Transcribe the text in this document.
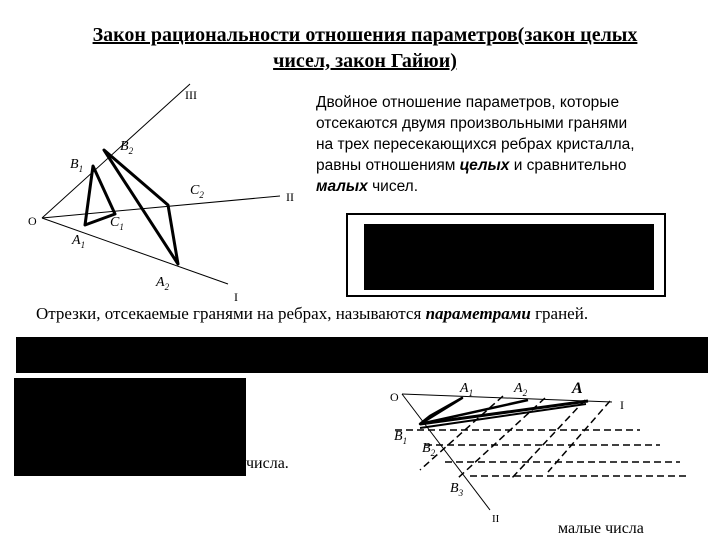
Закон рациональности отношения параметров(закон целых
чисел, закон Гайюи)
III
II
I
O
$B_1$
$B_2$
$C_2$
$C_1$
$A_1$
$A_2$
Двойное отношение параметров, которые
отсекаются двумя произвольными гранями
на трех пересекающихся ребрах кристалла,
равны отношениям целых и сравнительно
малых чисел.
Отрезки, отсекаемые гранями на ребрах, называются параметрами граней.
числа.
O
$A_1$	$A_2$	A
I
$B_1$
$B_2$
$B_3$
II
малые числа
